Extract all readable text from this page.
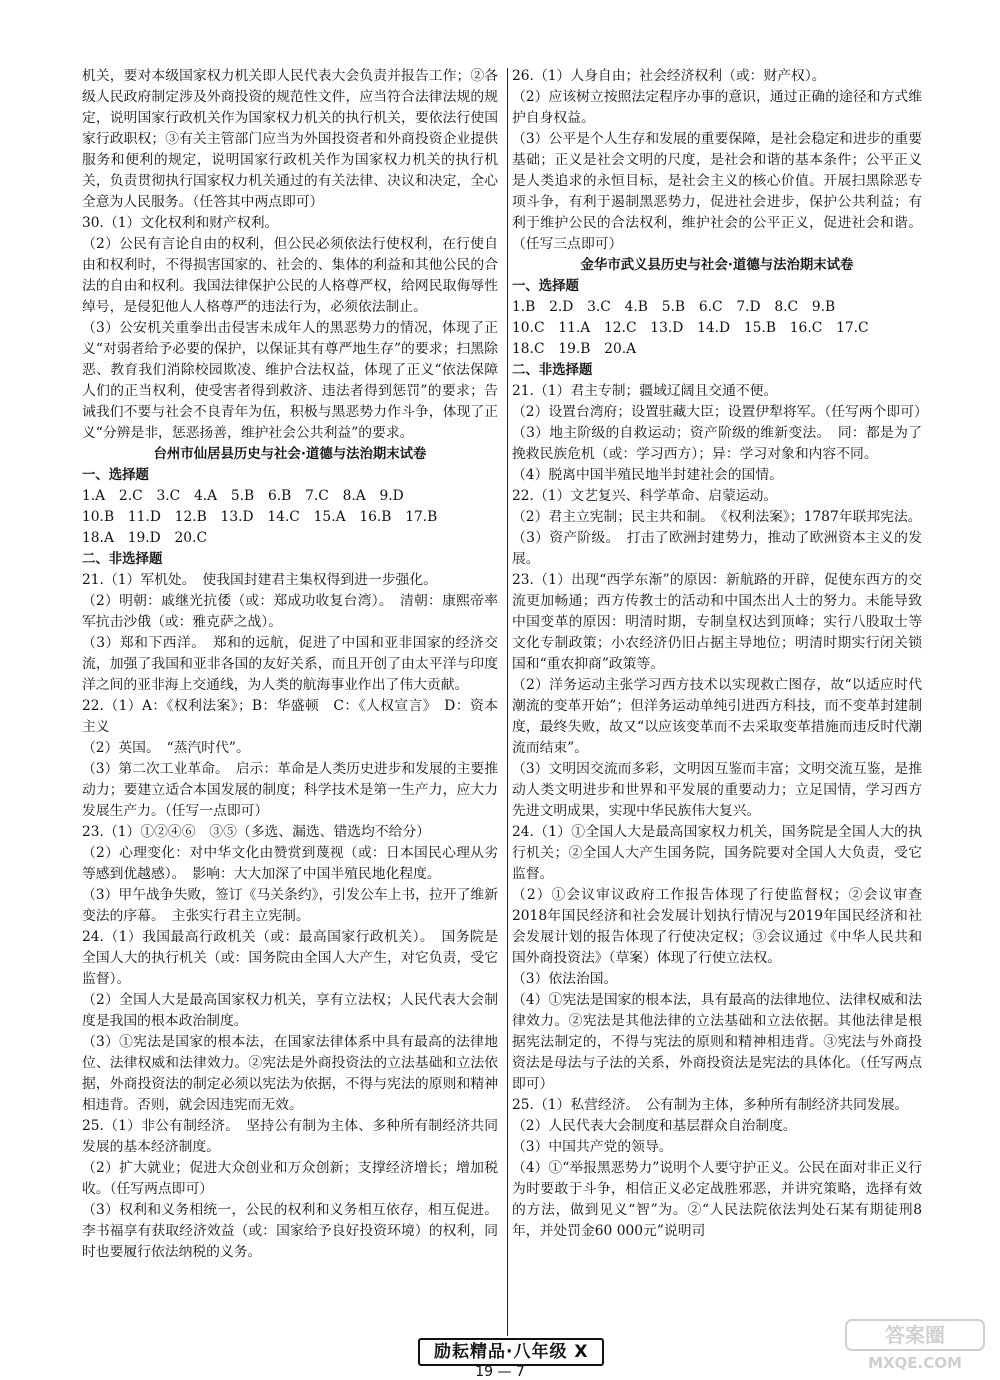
机关，要对本级国家权力机关即人民代表大会负责并报告工作；②各级人民政府制定涉及外商投资的规范性文件，应当符合法律法规的规定，说明国家行政机关作为国家权力机关的执行机关，要依法行使国家行政职权；③有关主管部门应当为外国投资者和外商投资企业提供服务和便利的规定，说明国家行政机关作为国家权力机关的执行机关，负责贯彻执行国家权力机关通过的有关法律、决议和决定，全心全意为人民服务。（任答其中两点即可）
30.（1）文化权利和财产权利。
（2）公民有言论自由的权利，但公民必须依法行使权利，在行使自由和权利时，不得损害国家的、社会的、集体的利益和其他公民的合法的自由和权利。我国法律保护公民的人格尊严权，给网民取侮辱性绰号，是侵犯他人人格尊严的违法行为，必须依法制止。
（3）公安机关重拳出击侵害未成年人的黑恶势力的情况，体现了正义“对弱者给予必要的保护，以保证其有尊严地生存”的要求；扫黑除恶、教育我们消除校园欺凌、维护合法权益，体现了正义“依法保障人们的正当权利，使受害者得到救济、违法者得到惩罚”的要求；告诫我们不要与社会不良青年为伍，积极与黑恶势力作斗争，体现了正义“分辨是非，惩恶扬善，维护社会公共利益”的要求。
台州市仙居县历史与社会·道德与法治期末试卷
一、选择题
1.A　2.C　3.C　4.A　5.B　6.B　7.C　8.A　9.D
10.B　11.D　12.B　13.D　14.C　15.A　16.B　17.B
18.A　19.D　20.C
二、非选择题
21.（1）军机处。　使我国封建君主集权得到进一步强化。
（2）明朝：戚继光抗倭（或：郑成功收复台湾）。　清朝：康熙帝率军抗击沙俄（或：雅克萨之战）。
（3）郑和下西洋。　郑和的远航，促进了中国和亚非国家的经济交流，加强了我国和亚非各国的友好关系，而且开创了由太平洋与印度洋之间的亚非海上交通线，为人类的航海事业作出了伟大贡献。
22.（1）A：《权利法案》；B：华盛顿　C：《人权宣言》　D：资本主义
（2）英国。　“蒸汽时代”。
（3）第二次工业革命。　启示：革命是人类历史进步和发展的主要推动力；要建立适合本国发展的制度；科学技术是第一生产力，应大力发展生产力。（任写一点即可）
23.（1）①②④⑥　③⑤（多选、漏选、错选均不给分）
（2）心理变化：对中华文化由赞赏到蔑视（或：日本国民心理从劣等感到优越感）。　影响：大大加深了中国半殖民地化程度。
（3）甲午战争失败，签订《马关条约》，引发公车上书，拉开了维新变法的序幕。　主张实行君主立宪制。
24.（1）我国最高行政机关（或：最高国家行政机关）。　国务院是全国人大的执行机关（或：国务院由全国人大产生，对它负责，受它监督）。
（2）全国人大是最高国家权力机关，享有立法权；人民代表大会制度是我国的根本政治制度。
（3）①宪法是国家的根本法，在国家法律体系中具有最高的法律地位、法律权威和法律效力。②宪法是外商投资法的立法基础和立法依据，外商投资法的制定必须以宪法为依据，不得与宪法的原则和精神相违背。否则，就会因违宪而无效。
25.（1）非公有制经济。　坚持公有制为主体、多种所有制经济共同发展的基本经济制度。
（2）扩大就业；促进大众创业和万众创新；支撑经济增长；增加税收。（任写两点即可）
（3）权利和义务相统一，公民的权利和义务相互依存，相互促进。李书福享有获取经济效益（或：国家给予良好投资环境）的权利，同时也要履行依法纳税的义务。
26.（1）人身自由；社会经济权利（或：财产权）。
（2）应该树立按照法定程序办事的意识，通过正确的途径和方式维护自身权益。
（3）公平是个人生存和发展的重要保障，是社会稳定和进步的重要基础；正义是社会文明的尺度，是社会和谐的基本条件；公平正义是人类追求的永恒目标，是社会主义的核心价值。开展扫黑除恶专项斗争，有利于遏制黑恶势力，促进社会进步，保护公共利益；有利于维护公民的合法权利，维护社会的公平正义，促进社会和谐。（任写三点即可）
金华市武义县历史与社会·道德与法治期末试卷
一、选择题
1.B　2.D　3.C　4.B　5.B　6.C　7.D　8.C　9.B
10.C　11.A　12.C　13.D　14.D　15.B　16.C　17.C
18.C　19.B　20.A
二、非选择题
21.（1）君主专制；疆域辽阔且交通不便。
（2）设置台湾府；设置驻藏大臣；设置伊犁将军。（任写两个即可）
（3）地主阶级的自救运动；资产阶级的维新变法。　同：都是为了挽救民族危机（或：学习西方）；异：学习对象和内容不同。
（4）脱离中国半殖民地半封建社会的国情。
22.（1）文艺复兴、科学革命、启蒙运动。
（2）君主立宪制；民主共和制。　《权利法案》；1787年联邦宪法。
（3）资产阶级。　打击了欧洲封建势力，推动了欧洲资本主义的发展。
23.（1）出现“西学东渐”的原因：新航路的开辟，促使东西方的交流更加畅通；西方传教士的活动和中国杰出人士的努力。未能导致中国变革的原因：明清时期，专制皇权达到顶峰；实行八股取士等文化专制政策；小农经济仍旧占据主导地位；明清时期实行闭关锁国和“重农抑商”政策等。
（2）洋务运动主张学习西方技术以实现救亡图存，故“以适应时代潮流的变革开始”；但洋务运动单纯引进西方科技，而不变革封建制度，最终失败，故又“以应该变革而不去采取变革措施而违反时代潮流而结束”。
（3）文明因交流而多彩，文明因互鉴而丰富；文明交流互鉴，是推动人类文明进步和世界和平发展的重要动力；立足国情，学习西方先进文明成果，实现中华民族伟大复兴。
24.（1）①全国人大是最高国家权力机关，国务院是全国人大的执行机关；②全国人大产生国务院，国务院要对全国人大负责，受它监督。
（2）①会议审议政府工作报告体现了行使监督权；②会议审查2018年国民经济和社会发展计划执行情况与2019年国民经济和社会发展计划的报告体现了行使决定权；③会议通过《中华人民共和国外商投资法》（草案）体现了行使立法权。
（3）依法治国。
（4）①宪法是国家的根本法，具有最高的法律地位、法律权威和法律效力。②宪法是其他法律的立法基础和立法依据。其他法律是根据宪法制定的，不得与宪法的原则和精神相违背。③宪法与外商投资法是母法与子法的关系，外商投资法是宪法的具体化。（任写两点即可）
25.（1）私营经济。　公有制为主体，多种所有制经济共同发展。
（2）人民代表大会制度和基层群众自治制度。
（3）中国共产党的领导。
（4）①“举报黑恶势力”说明个人要守护正义。公民在面对非正义行为时要敢于斗争，相信正义必定战胜邪恶，并讲究策略，选择有效的方法，做到见义“智”为。②“人民法院依法判处石某有期徒刑8年，并处罚金60 000元”说明司
励耘精品·八年级 X
19 — 7
答案圈
MXQE.COM
